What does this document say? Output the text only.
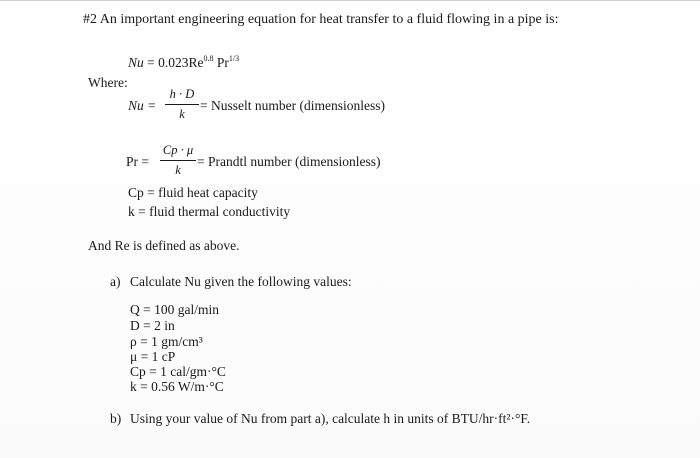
#2 An important engineering equation for heat transfer to a fluid flowing in a pipe is:
$Nu = 0.023Re^{0.8}$ $Pr^{1/3}$
Where:
Nu =
h · D
k
= Nusselt number (dimensionless)
Pr =
Cp · μ
k
= Prandtl number (dimensionless)
Cp = fluid heat capacity
k = fluid thermal conductivity
And Re is defined as above.
a) Calculate Nu given the following values:
Q = 100 gal/min
D = 2 in
ρ = 1 gm/cm³
μ = 1 cP
Cp = 1 cal/gm·°C
k = 0.56 W/m·°C
b) Using your value of Nu from part a), calculate h in units of BTU/hr·ft²·°F.
